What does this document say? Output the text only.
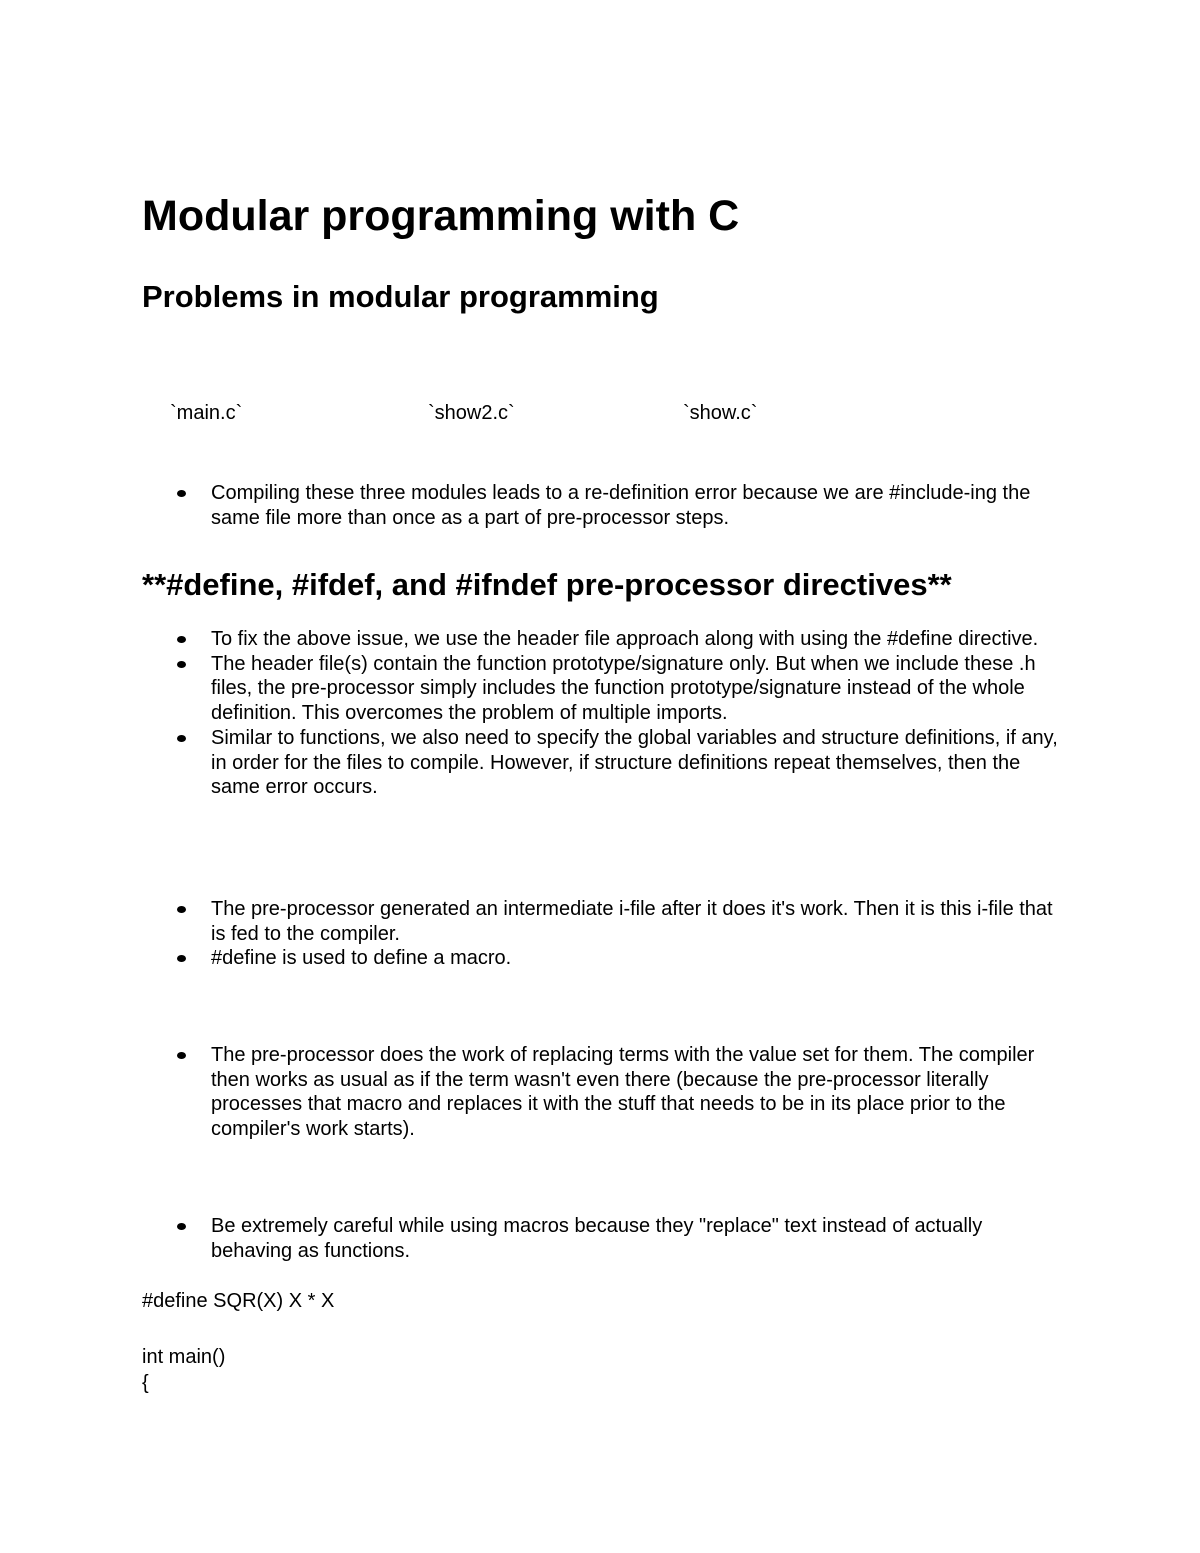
Modular programming with C
Problems in modular programming
`main.c`	`show2.c`	`show.c`
Compiling these three modules leads to a re-definition error because we are #include-ing the same file more than once as a part of pre-processor steps.
**#define, #ifdef, and #ifndef pre-processor directives**
To fix the above issue, we use the header file approach along with using the #define directive.
The header file(s) contain the function prototype/signature only. But when we include these .h files, the pre-processor simply includes the function prototype/signature instead of the whole definition. This overcomes the problem of multiple imports.
Similar to functions, we also need to specify the global variables and structure definitions, if any, in order for the files to compile. However, if structure definitions repeat themselves, then the same error occurs.
The pre-processor generated an intermediate i-file after it does it's work. Then it is this i-file that is fed to the compiler.
#define is used to define a macro.
The pre-processor does the work of replacing terms with the value set for them. The compiler then works as usual as if the term wasn't even there (because the pre-processor literally processes that macro and replaces it with the stuff that needs to be in its place prior to the compiler's work starts).
Be extremely careful while using macros because they "replace" text instead of actually behaving as functions.
#define SQR(X) X * X
int main()
{
